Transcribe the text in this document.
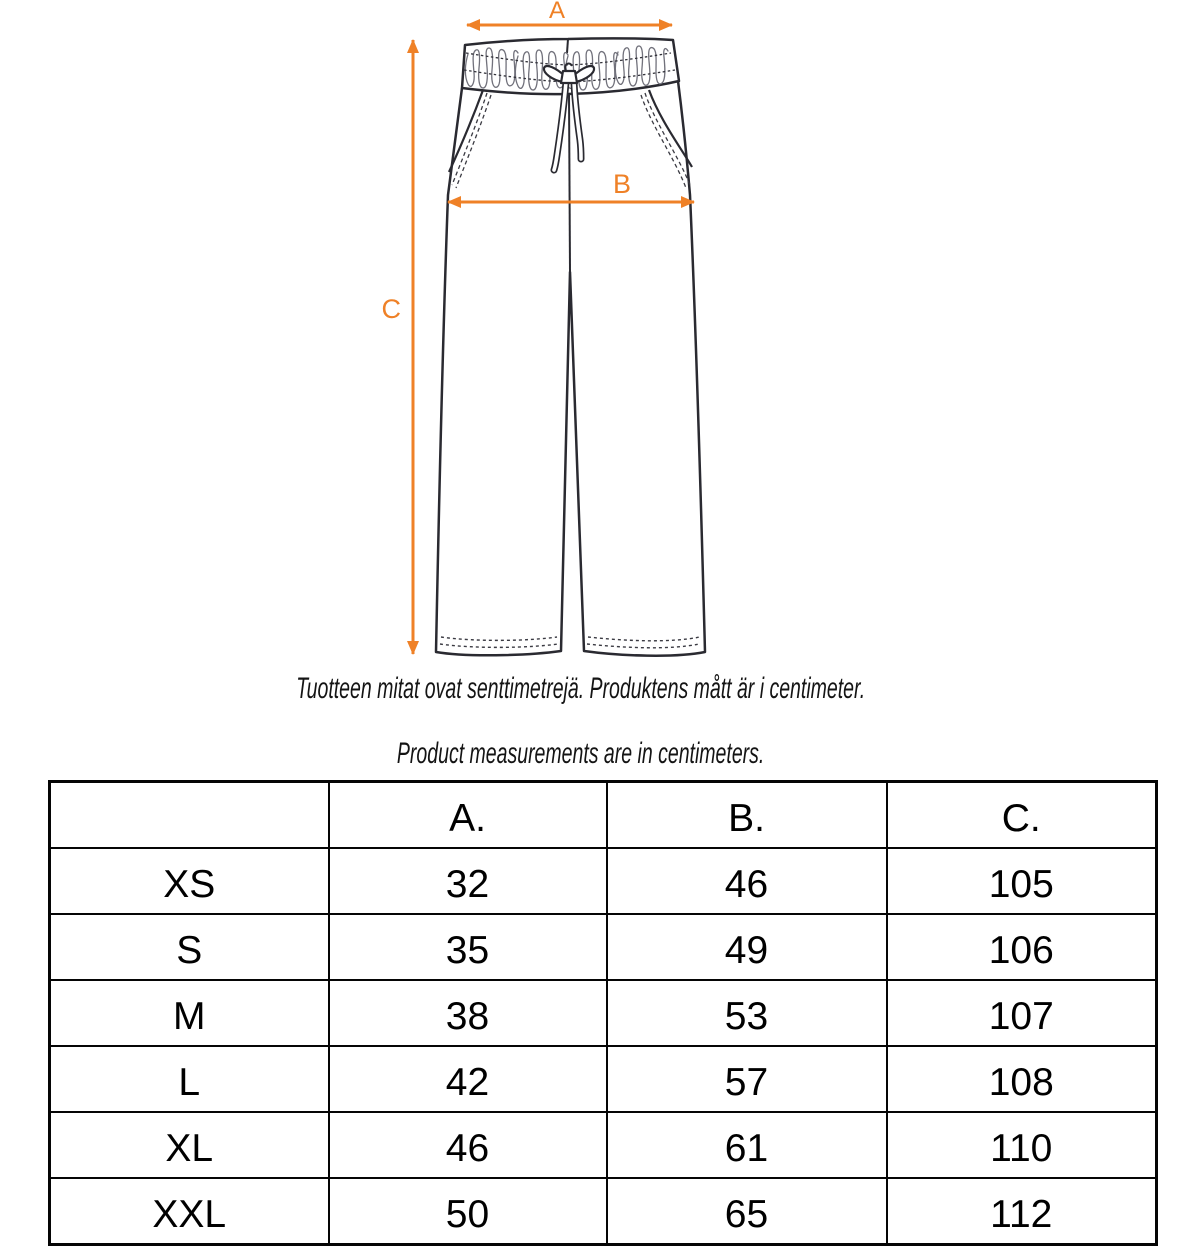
A
B
C
Tuotteen mitat ovat senttimetrejä. Produktens mått är i centimeter.
Product measurements are in centimeters.
	A.	B.	C.
XS	32	46	105
S	35	49	106
M	38	53	107
L	42	57	108
XL	46	61	110
XXL	50	65	112
